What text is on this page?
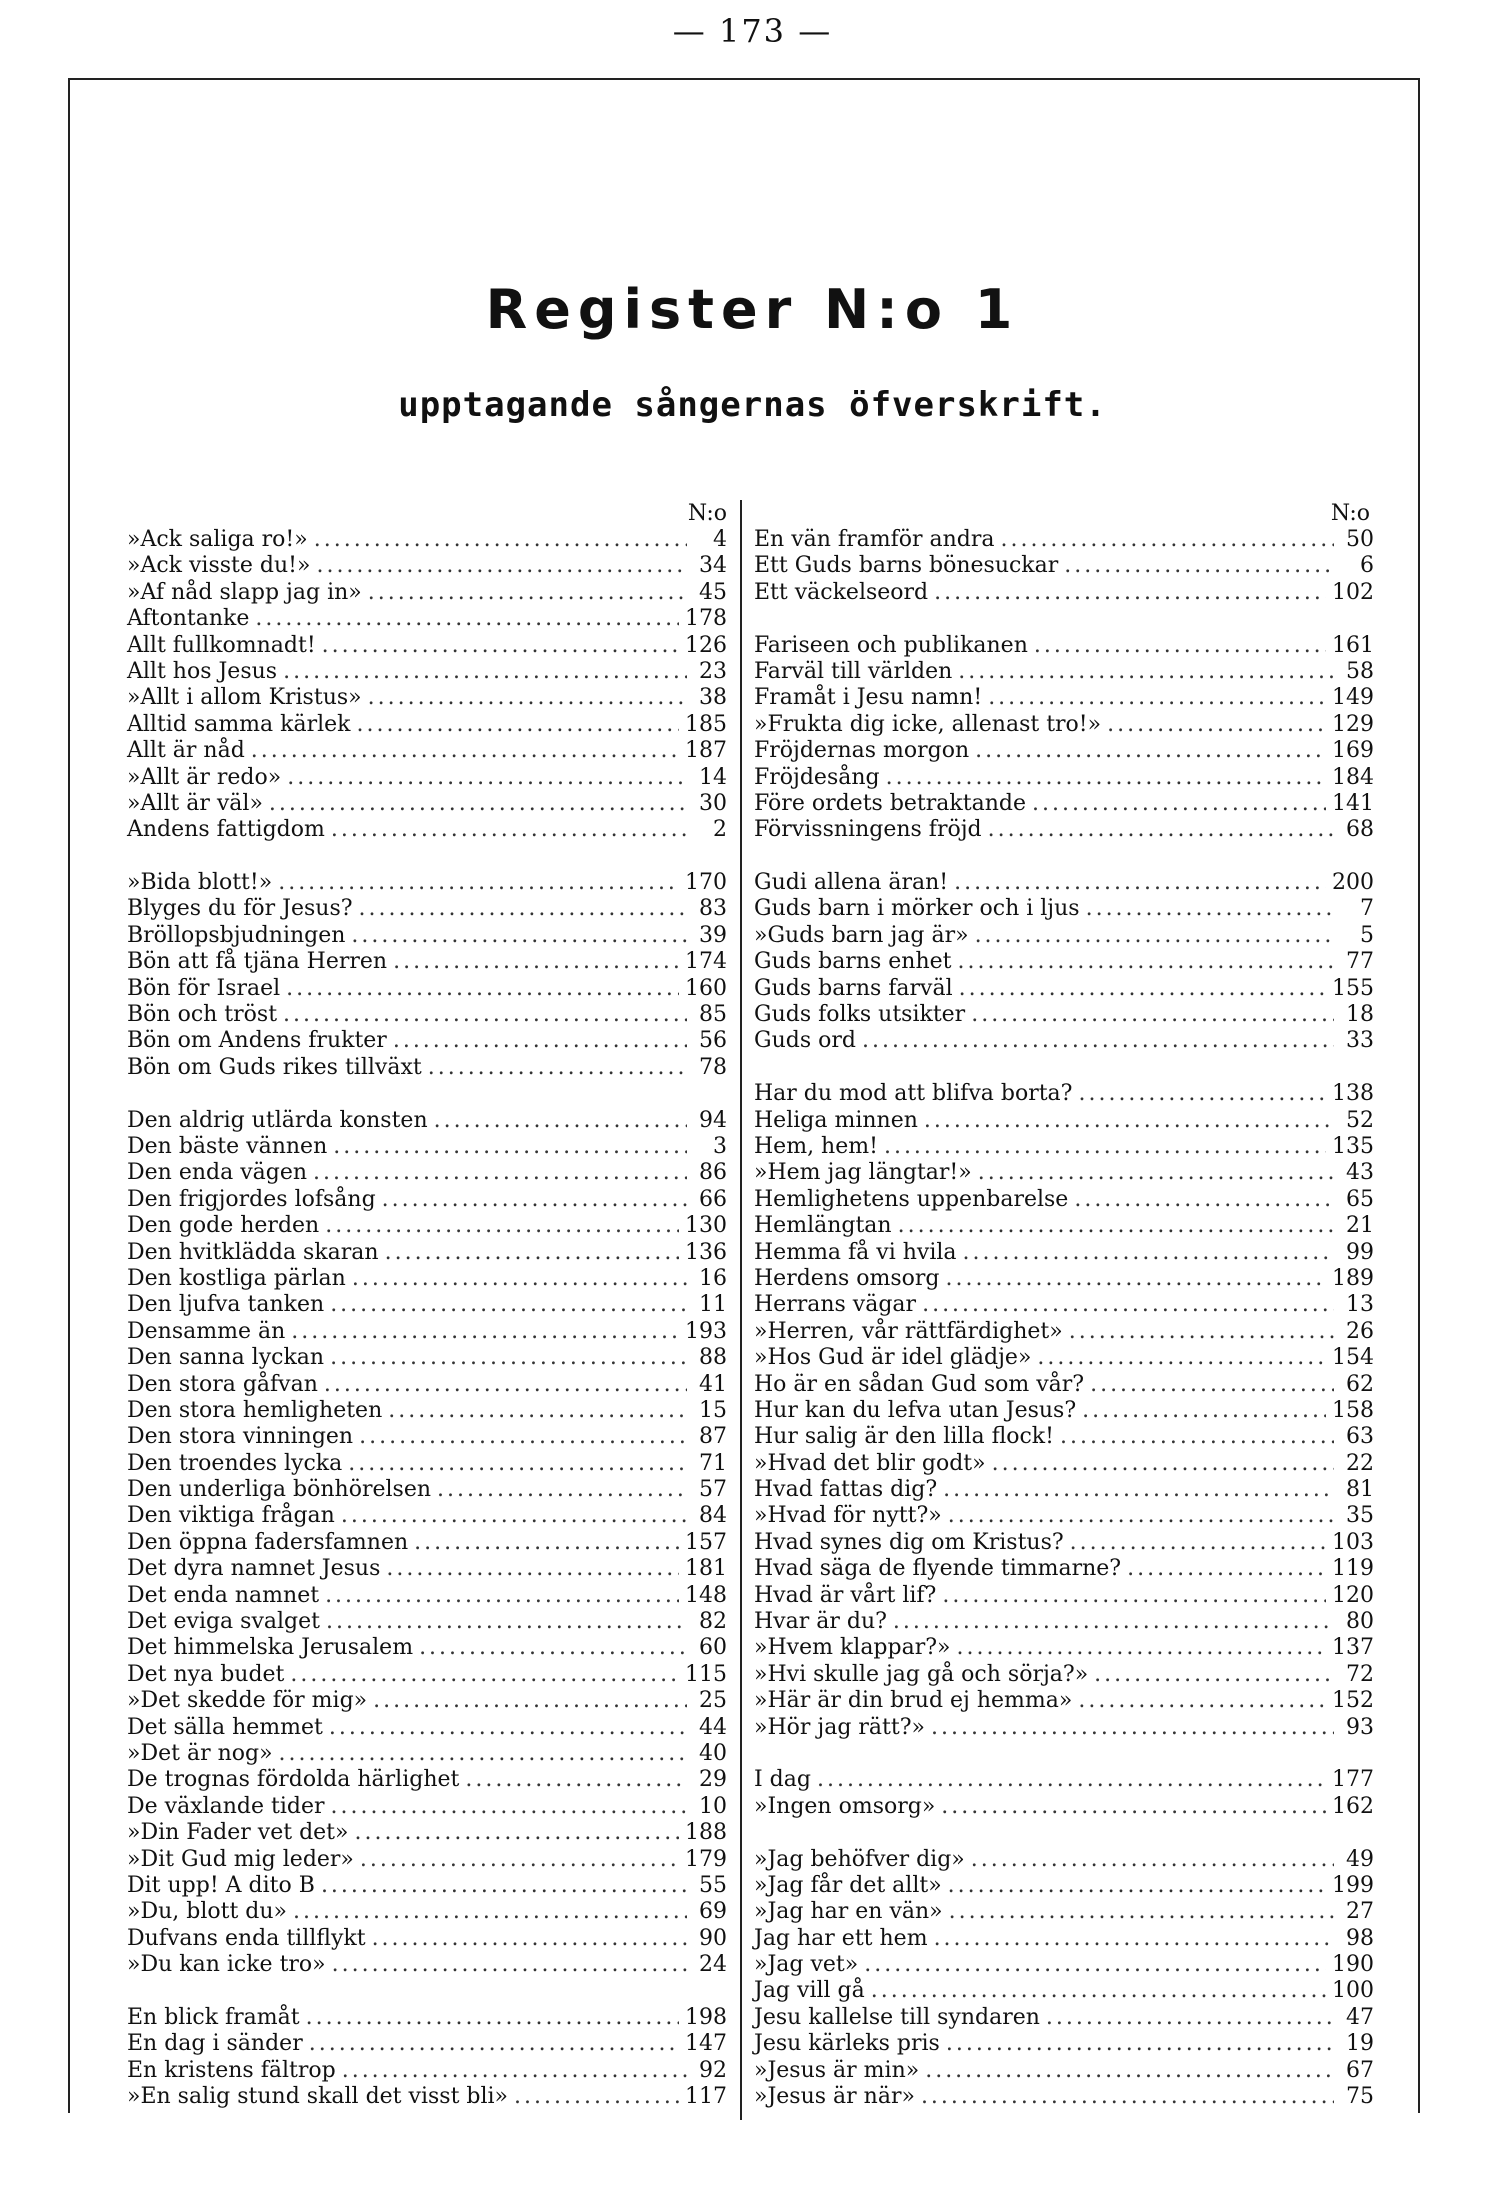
— 173 —
Register N:o 1
upptagande sångernas öfverskrift.
N:o
»Ack saliga ro!» .....	4
»Ack visste du!» .....	34
»Af nåd slapp jag in» .....	45
Aftontanke .....	178
Allt fullkomnadt! .....	126
Allt hos Jesus .....	23
»Allt i allom Kristus» .....	38
Alltid samma kärlek .....	185
Allt är nåd .....	187
»Allt är redo» .....	14
»Allt är väl» .....	30
Andens fattigdom .....	2
»Bida blott!» .....	170
Blyges du för Jesus? .....	83
Bröllopsbjudningen .....	39
Bön att få tjäna Herren .....	174
Bön för Israel .....	160
Bön och tröst .....	85
Bön om Andens frukter .....	56
Bön om Guds rikes tillväxt .....	78
Den aldrig utlärda konsten .....	94
Den bäste vännen .....	3
Den enda vägen .....	86
Den frigjordes lofsång .....	66
Den gode herden .....	130
Den hvitklädda skaran .....	136
Den kostliga pärlan .....	16
Den ljufva tanken .....	11
Densamme än .....	193
Den sanna lyckan .....	88
Den stora gåfvan .....	41
Den stora hemligheten .....	15
Den stora vinningen .....	87
Den troendes lycka .....	71
Den underliga bönhörelsen .....	57
Den viktiga frågan .....	84
Den öppna fadersfamnen .....	157
Det dyra namnet Jesus .....	181
Det enda namnet .....	148
Det eviga svalget .....	82
Det himmelska Jerusalem .....	60
Det nya budet .....	115
»Det skedde för mig» .....	25
Det sälla hemmet .....	44
»Det är nog» .....	40
De trognas fördolda härlighet .....	29
De växlande tider .....	10
»Din Fader vet det» .....	188
»Dit Gud mig leder» .....	179
Dit upp! A dito B .....	55
»Du, blott du» .....	69
Dufvans enda tillflykt .....	90
»Du kan icke tro» .....	24
En blick framåt .....	198
En dag i sänder .....	147
En kristens fältrop .....	92
»En salig stund skall det visst bli» .....	117
N:o
En vän framför andra .....	50
Ett Guds barns bönesuckar .....	6
Ett väckelseord .....	102
Fariseen och publikanen .....	161
Farväl till världen .....	58
Framåt i Jesu namn! .....	149
»Frukta dig icke, allenast tro!» .....	129
Fröjdernas morgon .....	169
Fröjdesång .....	184
Före ordets betraktande .....	141
Förvissningens fröjd .....	68
Gudi allena äran! .....	200
Guds barn i mörker och i ljus .....	7
»Guds barn jag är» .....	5
Guds barns enhet .....	77
Guds barns farväl .....	155
Guds folks utsikter .....	18
Guds ord .....	33
Har du mod att blifva borta? .....	138
Heliga minnen .....	52
Hem, hem! .....	135
»Hem jag längtar!» .....	43
Hemlighetens uppenbarelse .....	65
Hemlängtan .....	21
Hemma få vi hvila .....	99
Herdens omsorg .....	189
Herrans vägar .....	13
»Herren, vår rättfärdighet» .....	26
»Hos Gud är idel glädje» .....	154
Ho är en sådan Gud som vår? .....	62
Hur kan du lefva utan Jesus? .....	158
Hur salig är den lilla flock! .....	63
»Hvad det blir godt» .....	22
Hvad fattas dig? .....	81
»Hvad för nytt?» .....	35
Hvad synes dig om Kristus? .....	103
Hvad säga de flyende timmarne? .....	119
Hvad är vårt lif? .....	120
Hvar är du? .....	80
»Hvem klappar?» .....	137
»Hvi skulle jag gå och sörja?» .....	72
»Här är din brud ej hemma» .....	152
»Hör jag rätt?» .....	93
I dag .....	177
»Ingen omsorg» .....	162
»Jag behöfver dig» .....	49
»Jag får det allt» .....	199
»Jag har en vän» .....	27
Jag har ett hem .....	98
»Jag vet» .....	190
Jag vill gå .....	100
Jesu kallelse till syndaren .....	47
Jesu kärleks pris .....	19
»Jesus är min» .....	67
»Jesus är när» .....	75
